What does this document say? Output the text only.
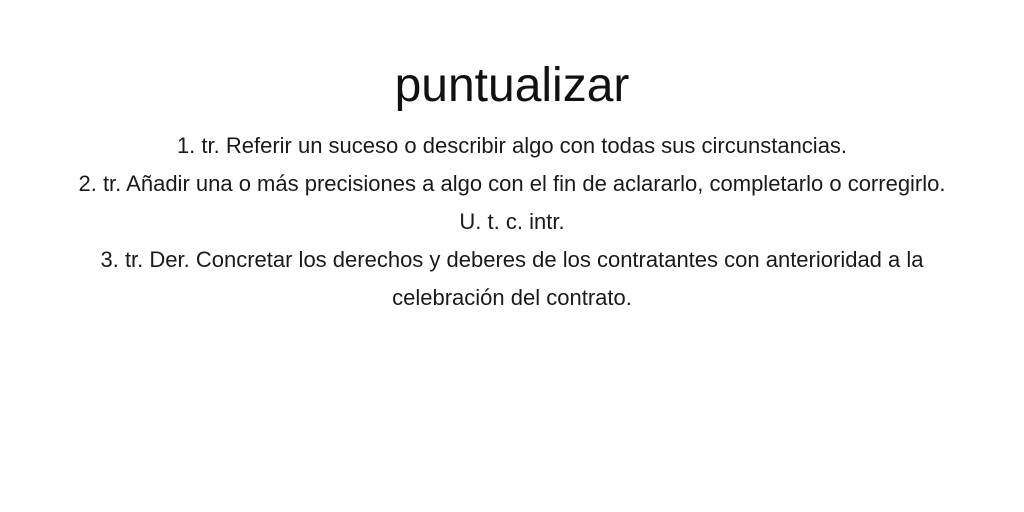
puntualizar
1. tr. Referir un suceso o describir algo con todas sus circunstancias.
2. tr. Añadir una o más precisiones a algo con el fin de aclararlo, completarlo o corregirlo. U. t. c. intr.
3. tr. Der. Concretar los derechos y deberes de los contratantes con anterioridad a la celebración del contrato.
